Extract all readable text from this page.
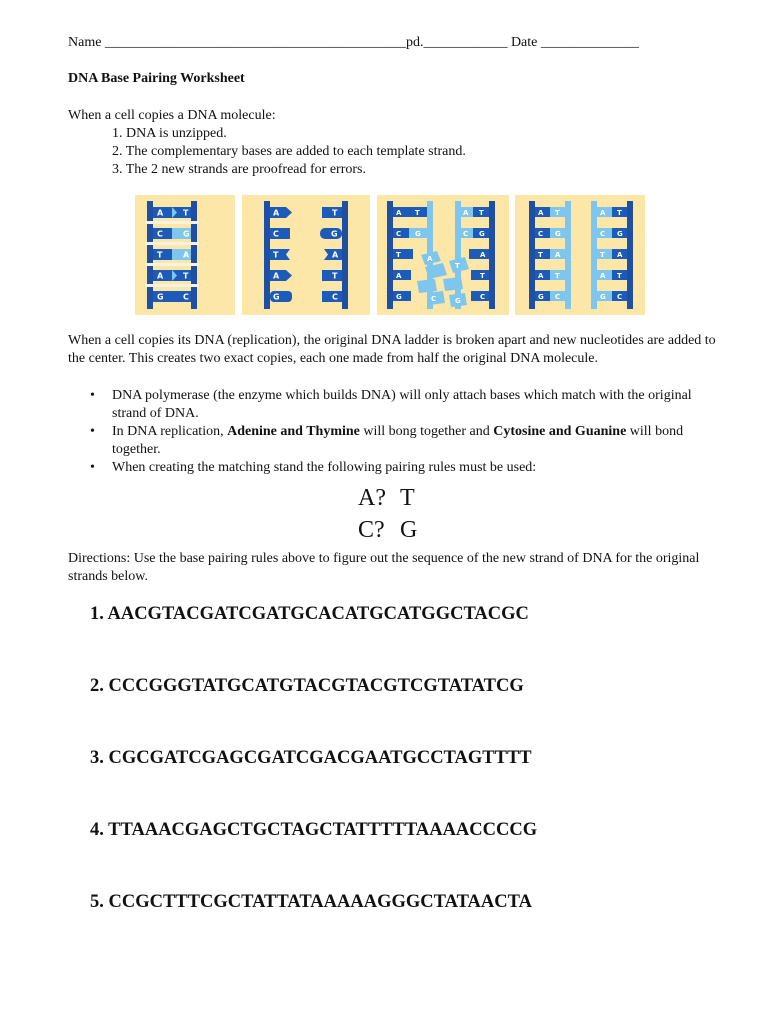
Name ___________________________________________pd.____________ Date ______________
DNA Base Pairing Worksheet
When a cell copies a DNA molecule:
1. DNA is unzipped.
2. The complementary bases are added to each template strand.
3. The 2 new strands are proofread for errors.
A T
C	G
T	A
A T
G C
A
C
T
A
G
T
G
A
T
C
A T
C G
T
A
G
A T
C G
A
T
C
A
T
C	G
A T
C G
T A
A T
G C
A T
C G
T A
A T
G C
When a cell copies its DNA (replication), the original DNA ladder is broken apart and new nucleotides are added to the center. This creates two exact copies, each one made from half the original DNA molecule.
• DNA polymerase (the enzyme which builds DNA) will only attach bases which match with the original strand of DNA.
• In DNA replication, Adenine and Thymine will bong together and Cytosine and Guanine will bond together.
• When creating the matching stand the following pairing rules must be used:
A? T
C? G
Directions: Use the base pairing rules above to figure out the sequence of the new strand of DNA for the original strands below.
1. AACGTACGATCGATGCACATGCATGGCTACGC
2. CCCGGGTATGCATGTACGTACGTCGTATATCG
3. CGCGATCGAGCGATCGACGAATGCCTAGTTTT
4. TTAAACGAGCTGCTAGCTATTTTTAAAACCCCG
5. CCGCTTTCGCTATTATAAAAAGGGCTATAACTA
